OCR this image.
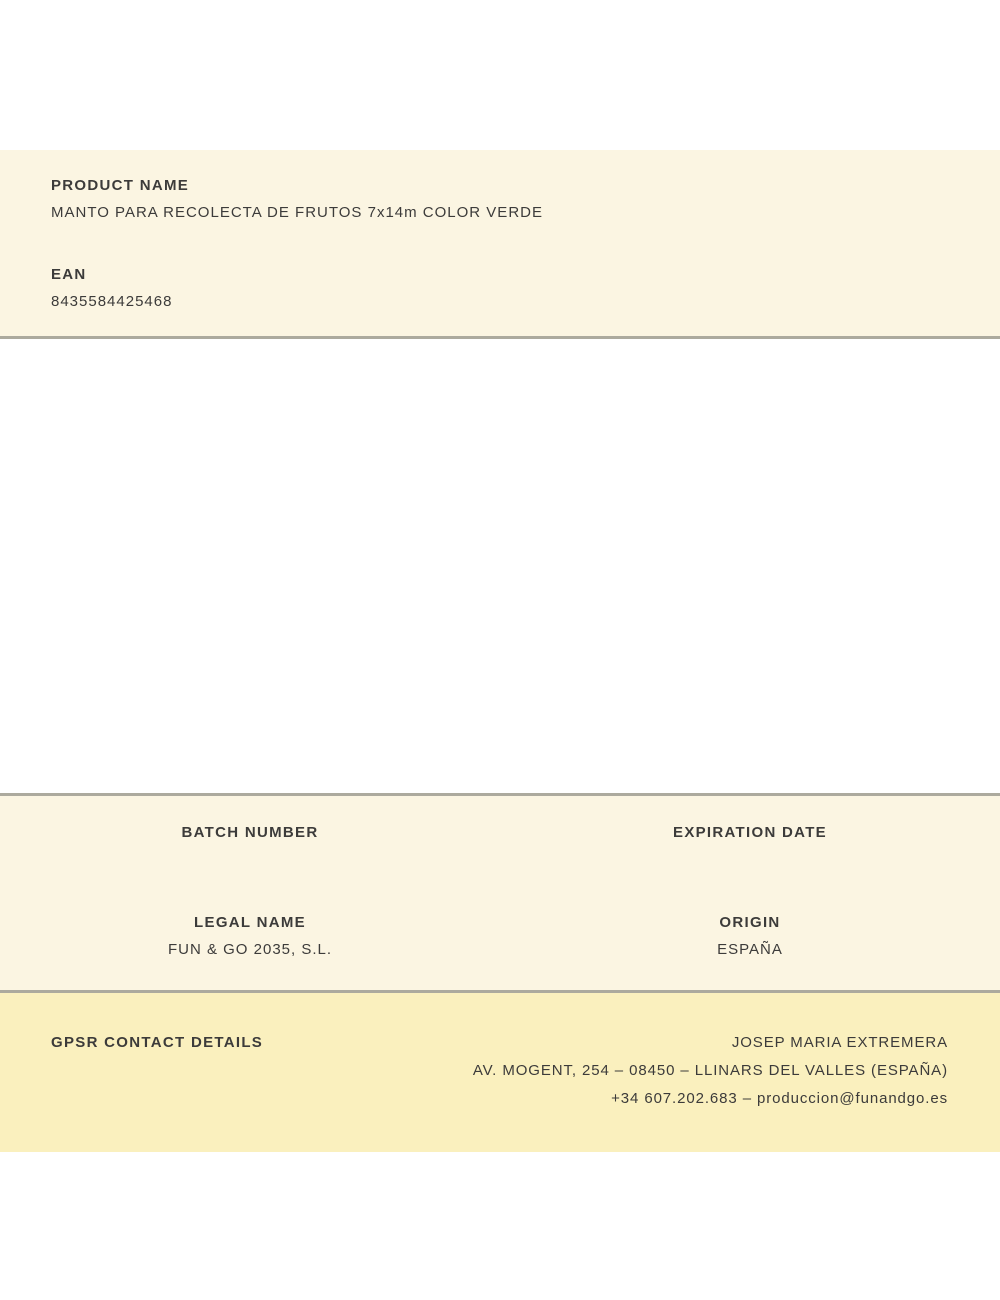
PRODUCT NAME
MANTO PARA RECOLECTA DE FRUTOS 7x14m COLOR VERDE
EAN
8435584425468
BATCH NUMBER
LEGAL NAME
FUN & GO 2035, S.L.
EXPIRATION DATE
ORIGIN
ESPAÑA
GPSR CONTACT DETAILS	JOSEP MARIA EXTREMERA
AV. MOGENT, 254 – 08450 – LLINARS DEL VALLES (ESPAÑA)
+34 607.202.683 – produccion@funandgo.es
